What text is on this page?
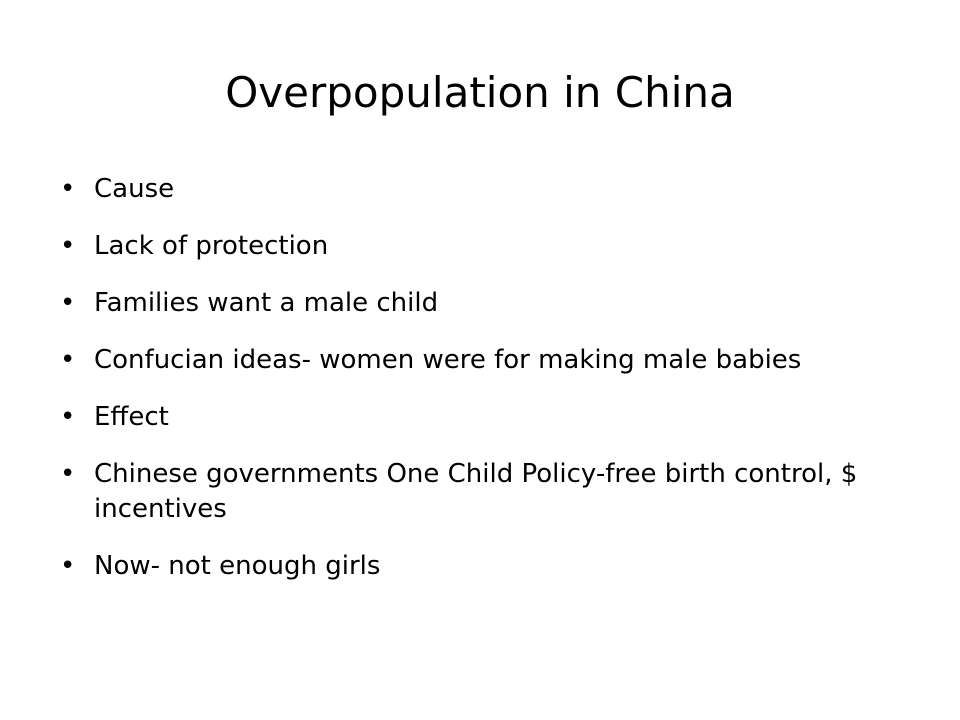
Overpopulation in China
• Cause
• Lack of protection
• Families want a male child
• Confucian ideas- women were for making male babies
• Effect
• Chinese governments One Child Policy-free birth control, $ incentives
• Now- not enough girls
